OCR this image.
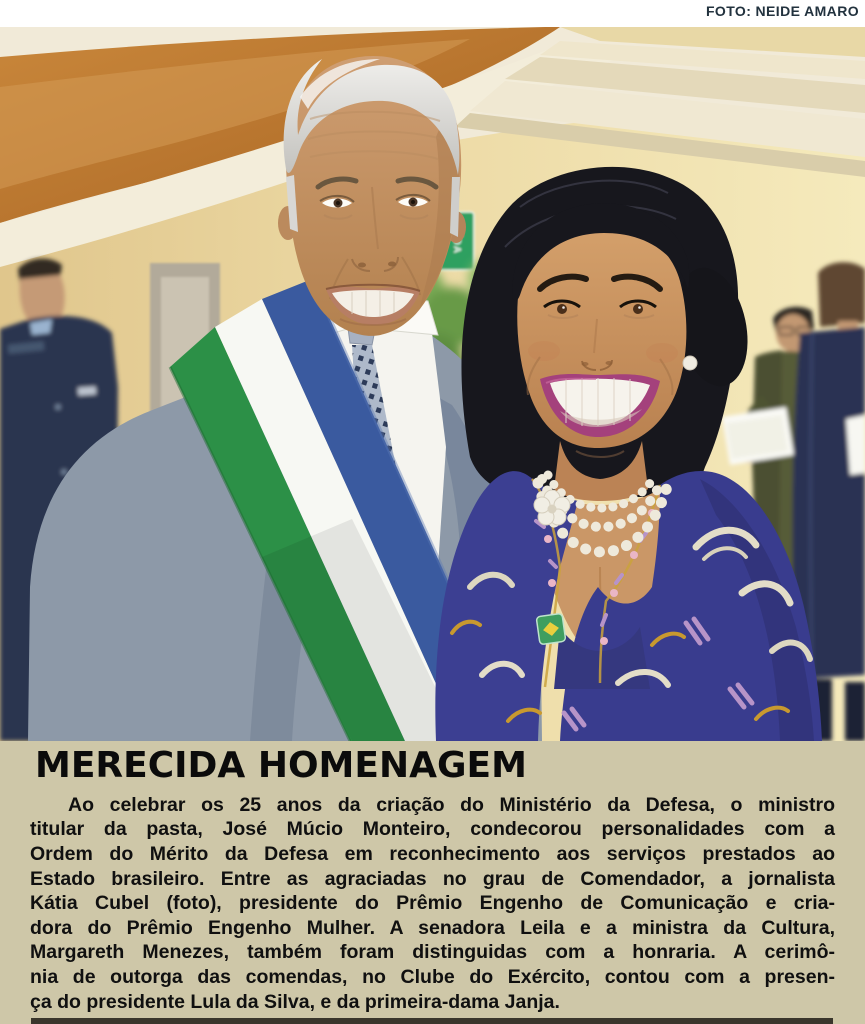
FOTO: NEIDE AMARO
MERECIDA HOMENAGEM
Ao celebrar os 25 anos da criação do Ministério da Defesa, o ministro
titular da pasta, José Múcio Monteiro, condecorou personalidades com a
Ordem do Mérito da Defesa em reconhecimento aos serviços prestados ao
Estado brasileiro. Entre as agraciadas no grau de Comendador, a jornalista
Kátia Cubel (foto), presidente do Prêmio Engenho de Comunicação e cria-
dora do Prêmio Engenho Mulher. A senadora Leila e a ministra da Cultura,
Margareth Menezes, também foram distinguidas com a honraria. A cerimô-
nia de outorga das comendas, no Clube do Exército, contou com a presen-
ça do presidente Lula da Silva, e da primeira-dama Janja.
